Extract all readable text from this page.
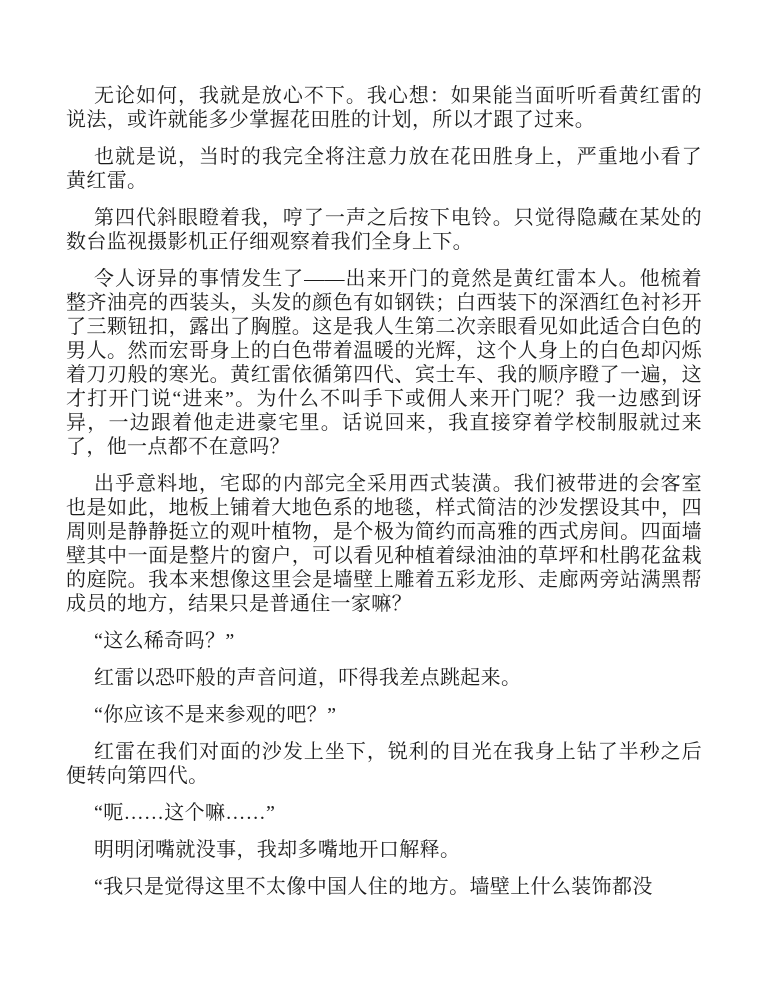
无论如何，我就是放心不下。我心想：如果能当面听听看黄红雷的说法，或许就能多少掌握花田胜的计划，所以才跟了过来。

也就是说，当时的我完全将注意力放在花田胜身上，严重地小看了黄红雷。

第四代斜眼瞪着我，哼了一声之后按下电铃。只觉得隐藏在某处的数台监视摄影机正仔细观察着我们全身上下。

令人讶异的事情发生了——出来开门的竟然是黄红雷本人。他梳着整齐油亮的西装头，头发的颜色有如钢铁；白西装下的深酒红色衬衫开了三颗钮扣，露出了胸膛。这是我人生第二次亲眼看见如此适合白色的男人。然而宏哥身上的白色带着温暖的光辉，这个人身上的白色却闪烁着刀刃般的寒光。黄红雷依循第四代、宾士车、我的顺序瞪了一遍，这才打开门说“进来”。为什么不叫手下或佣人来开门呢？我一边感到讶异，一边跟着他走进豪宅里。话说回来，我直接穿着学校制服就过来了，他一点都不在意吗？

出乎意料地，宅邸的内部完全采用西式装潢。我们被带进的会客室也是如此，地板上铺着大地色系的地毯，样式简洁的沙发摆设其中，四周则是静静挺立的观叶植物，是个极为简约而高雅的西式房间。四面墙壁其中一面是整片的窗户，可以看见种植着绿油油的草坪和杜鹃花盆栽的庭院。我本来想像这里会是墙壁上雕着五彩龙形、走廊两旁站满黑帮成员的地方，结果只是普通住一家嘛？

“这么稀奇吗？”

红雷以恐吓般的声音问道，吓得我差点跳起来。

“你应该不是来参观的吧？”

红雷在我们对面的沙发上坐下，锐利的目光在我身上钻了半秒之后便转向第四代。

“呃……这个嘛……”

明明闭嘴就没事，我却多嘴地开口解释。

“我只是觉得这里不太像中国人住的地方。墙壁上什么装饰都没
